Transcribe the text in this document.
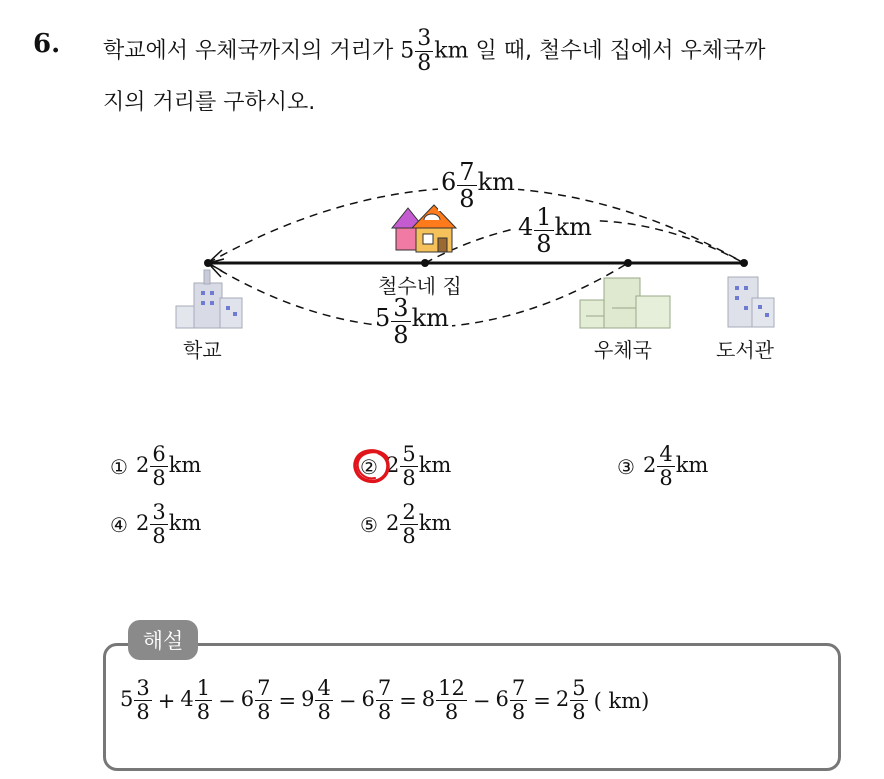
6. 학교에서 우체국까지의 거리가 $5 \frac{3}{8}$ km 일 때, 철수네 집에서 우체국까
지의 거리를 구하시오.
$6 \frac{7}{8}$ km
$4 \frac{1}{8}$ km
$5 \frac{3}{8}$ km
철수네 집
학교	우체국	도서관
① $2 \frac{6}{8}$ km	② $2 \frac{5}{8}$ km	③ $2 \frac{4}{8}$ km
④ $2 \frac{3}{8}$ km	⑤ $2 \frac{2}{8}$ km
해설
$5 \frac{3}{8} + 4 \frac{1}{8} - 6 \frac{7}{8} = 9 \frac{4}{8} - 6 \frac{7}{8} = 8 \frac{12}{8} - 6 \frac{7}{8} = 2 \frac{5}{8}$ ( km)
